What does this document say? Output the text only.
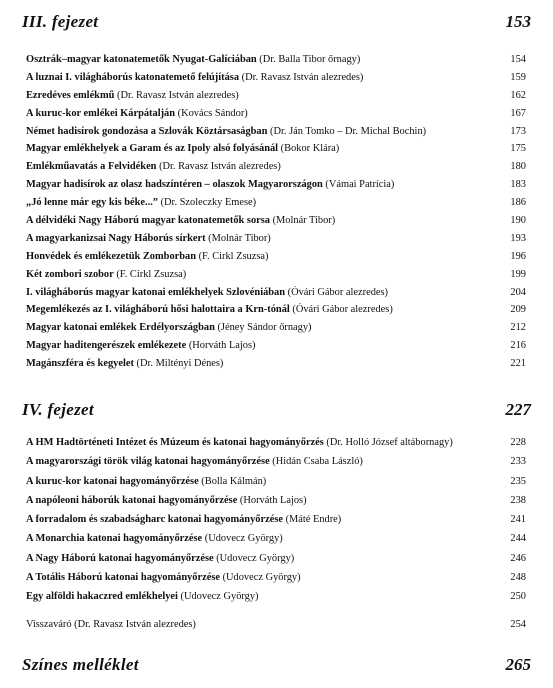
III. fejezet	153
Osztrák–magyar katonatemetők Nyugat-Galíciában (Dr. Balla Tibor őrnagy)	154
A luznai I. világháborús katonatemető felújítása (Dr. Ravasz István alezredes)	159
Ezredéves emlékmű (Dr. Ravasz István alezredes)	162
A kuruc-kor emlékei Kárpátalján (Kovács Sándor)	167
Német hadisírok gondozása a Szlovák Köztársaságban (Dr. Ján Tomko – Dr. Michal Bochin)	173
Magyar emlékhelyek a Garam és az Ipoly alsó folyásánál (Bokor Klára)	175
Emlékműavatás a Felvidéken (Dr. Ravasz István alezredes)	180
Magyar hadisírok az olasz hadszíntéren – olaszok Magyarországon (Vámai Patrícia)	183
„Jó lenne már egy kis béke...” (Dr. Szoleczky Emese)	186
A délvidéki Nagy Háború magyar katonatemetők sorsa (Molnár Tibor)	190
A magyarkanizsai Nagy Háborús sírkert (Molnár Tibor)	193
Honvédek és emlékezetük Zomborban (F. Cirkl Zsuzsa)	196
Két zombori szobor (F. Cirkl Zsuzsa)	199
I. világháborús magyar katonai emlékhelyek Szlovéniában (Óvári Gábor alezredes)	204
Megemlékezés az I. világháború hősi halottaira a Krn-tónál (Óvári Gábor alezredes)	209
Magyar katonai emlékek Erdélyországban (Jéney Sándor őrnagy)	212
Magyar haditengerészek emlékezete (Horváth Lajos)	216
Magánszféra és kegyelet (Dr. Miltényi Dénes)	221
IV. fejezet	227
A HM Hadtörténeti Intézet és Múzeum és katonai hagyományőrzés (Dr. Holló József altábornagy)	228
A magyarországi török világ katonai hagyományőrzése (Hidán Csaba László)	233
A kuruc-kor katonai hagyományőrzése (Bolla Kálmán)	235
A napóleoni háborúk katonai hagyományőrzése (Horváth Lajos)	238
A forradalom és szabadságharc katonai hagyományőrzése (Máté Endre)	241
A Monarchia katonai hagyományőrzése (Udovecz György)	244
A Nagy Háború katonai hagyományőrzése (Udovecz György)	246
A Totális Háború katonai hagyományőrzése (Udovecz György)	248
Egy alföldi hakaczred emlékhelyei (Udovecz György)	250
Visszaváró (Dr. Ravasz István alezredes)	254
Színes melléklet	265
